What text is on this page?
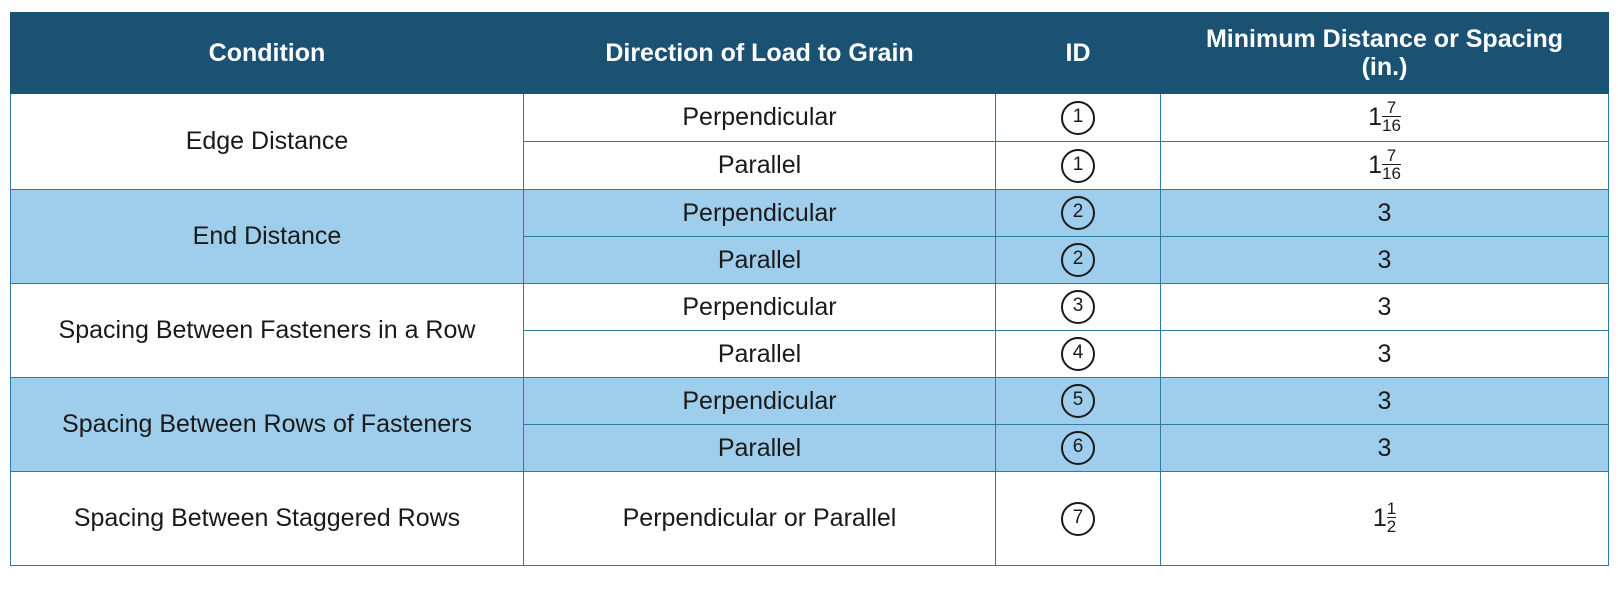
Condition	Direction of Load to Grain	ID	Minimum Distance or Spacing
(in.)
Edge Distance	Perpendicular	1	$1 \frac{7}{16}$

	Parallel	1	$1 \frac{7}{16}$

End Distance	Perpendicular	2	3
	Parallel	2	3
Spacing Between Fasteners in a Row	Perpendicular	3	3
	Parallel	4	3
Spacing Between Rows of Fasteners	Perpendicular	5	3
	Parallel	6	3
Spacing Between Staggered Rows	Perpendicular or Parallel	7	$1 \frac{1}{2}$
